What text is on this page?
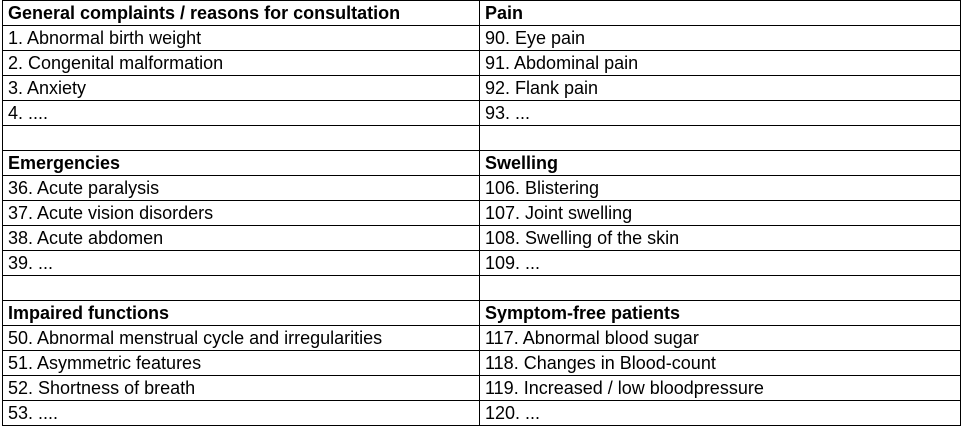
General complaints / reasons for consultation	Pain
1. Abnormal birth weight	90. Eye pain
2. Congenital malformation	91. Abdominal pain
3. Anxiety	92. Flank pain
4. ....	93. ...

Emergencies	Swelling
36. Acute paralysis	106. Blistering
37. Acute vision disorders	107. Joint swelling
38. Acute abdomen	108. Swelling of the skin
39. ...	109. ...

Impaired functions	Symptom-free patients
50. Abnormal menstrual cycle and irregularities	117. Abnormal blood sugar
51. Asymmetric features	118. Changes in Blood-count
52. Shortness of breath	119. Increased / low bloodpressure
53. ....	120. ...
